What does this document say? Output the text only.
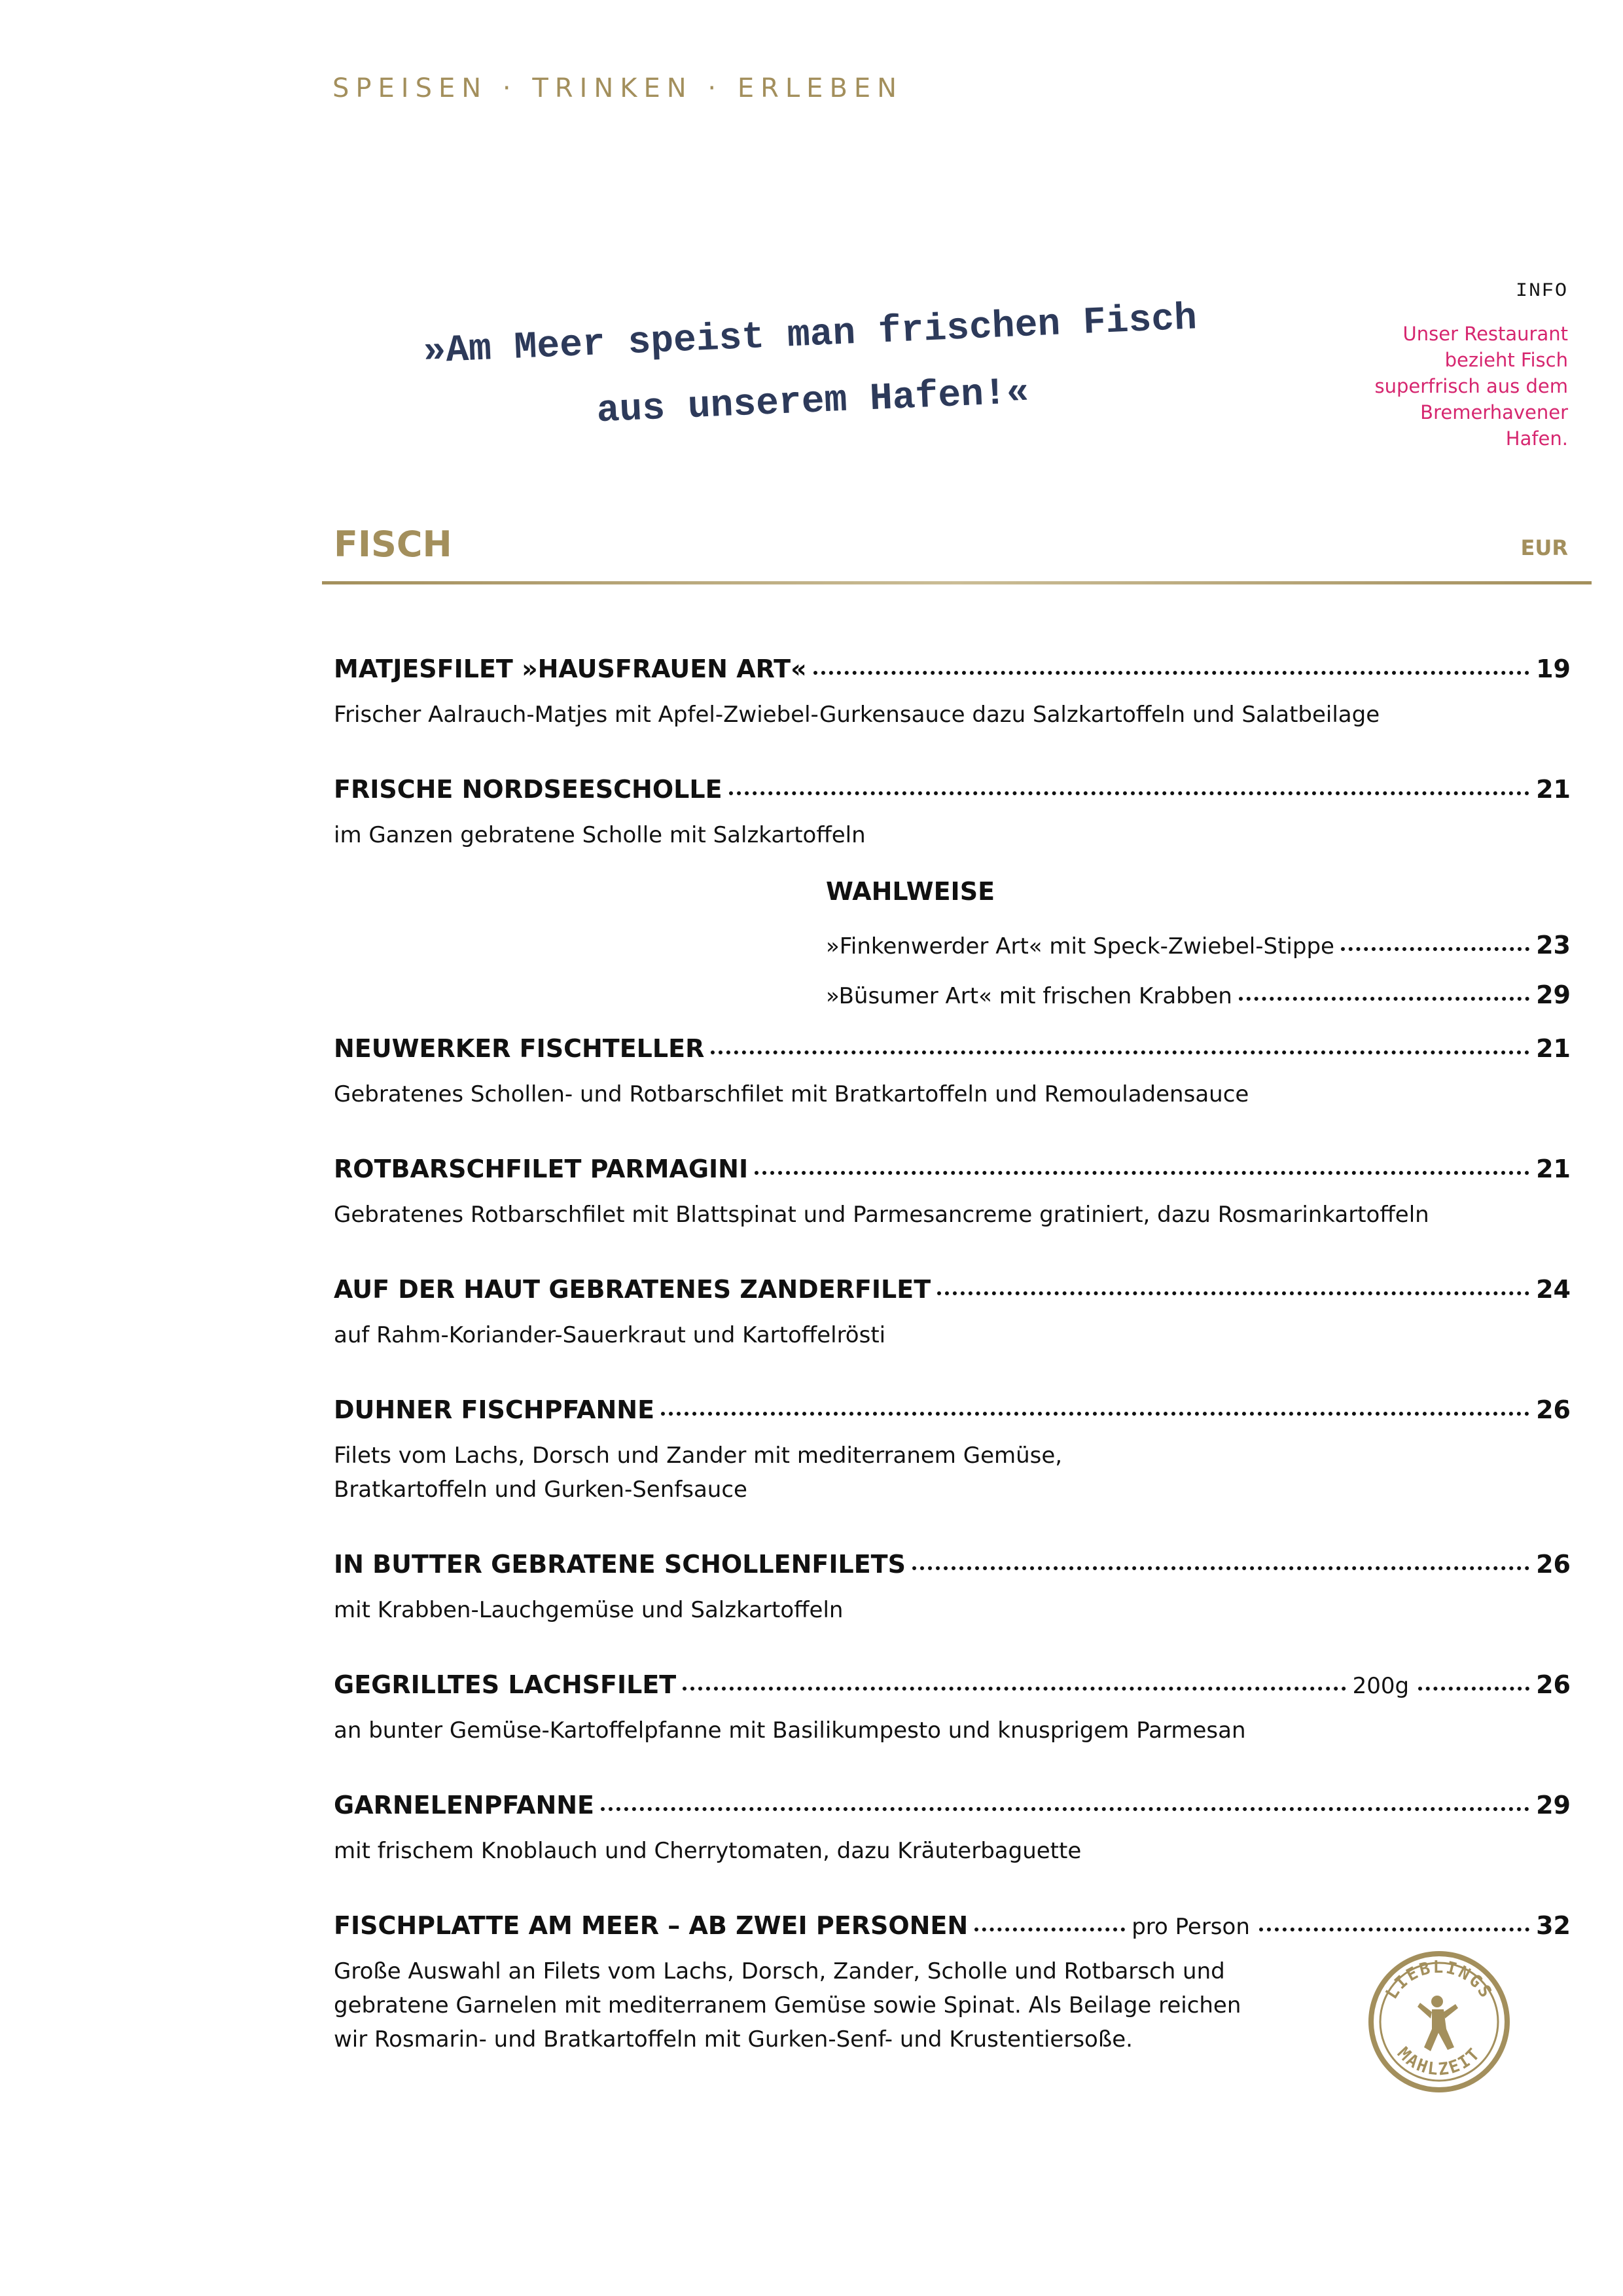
SPEISEN · TRINKEN · ERLEBEN
INFO
Unser Restaurant
bezieht Fisch
superfrisch aus dem
Bremerhavener
Hafen.
»Am Meer speist man frischen Fisch
aus unserem Hafen!«
FISCH	EUR
MATJESFILET »HAUSFRAUEN ART«	19
Frischer Aalrauch-Matjes mit Apfel-Zwiebel-Gurkensauce dazu Salzkartoffeln und Salatbeilage
FRISCHE NORDSEESCHOLLE	21
im Ganzen gebratene Scholle mit Salzkartoffeln
WAHLWEISE
»Finkenwerder Art« mit Speck-Zwiebel-Stippe	23
»Büsumer Art« mit frischen Krabben	29
NEUWERKER FISCHTELLER	21
Gebratenes Schollen- und Rotbarschfilet mit Bratkartoffeln und Remouladensauce
ROTBARSCHFILET PARMAGINI	21
Gebratenes Rotbarschfilet mit Blattspinat und Parmesancreme gratiniert, dazu Rosmarinkartoffeln
AUF DER HAUT GEBRATENES ZANDERFILET	24
auf Rahm-Koriander-Sauerkraut und Kartoffelrösti
DUHNER FISCHPFANNE	26
Filets vom Lachs, Dorsch und Zander mit mediterranem Gemüse,
Bratkartoffeln und Gurken-Senfsauce
IN BUTTER GEBRATENE SCHOLLENFILETS	26
mit Krabben-Lauchgemüse und Salzkartoffeln
GEGRILLTES LACHSFILET	200g	26
an bunter Gemüse-Kartoffelpfanne mit Basilikumpesto und knusprigem Parmesan
GARNELENPFANNE	29
mit frischem Knoblauch und Cherrytomaten, dazu Kräuterbaguette
FISCHPLATTE AM MEER – AB ZWEI PERSONEN	pro Person	32
Große Auswahl an Filets vom Lachs, Dorsch, Zander, Scholle und Rotbarsch und
gebratene Garnelen mit mediterranem Gemüse sowie Spinat. Als Beilage reichen
wir Rosmarin- und Bratkartoffeln mit Gurken-Senf- und Krustentiersoße.
LIEBLINGS
MAHLZEIT
